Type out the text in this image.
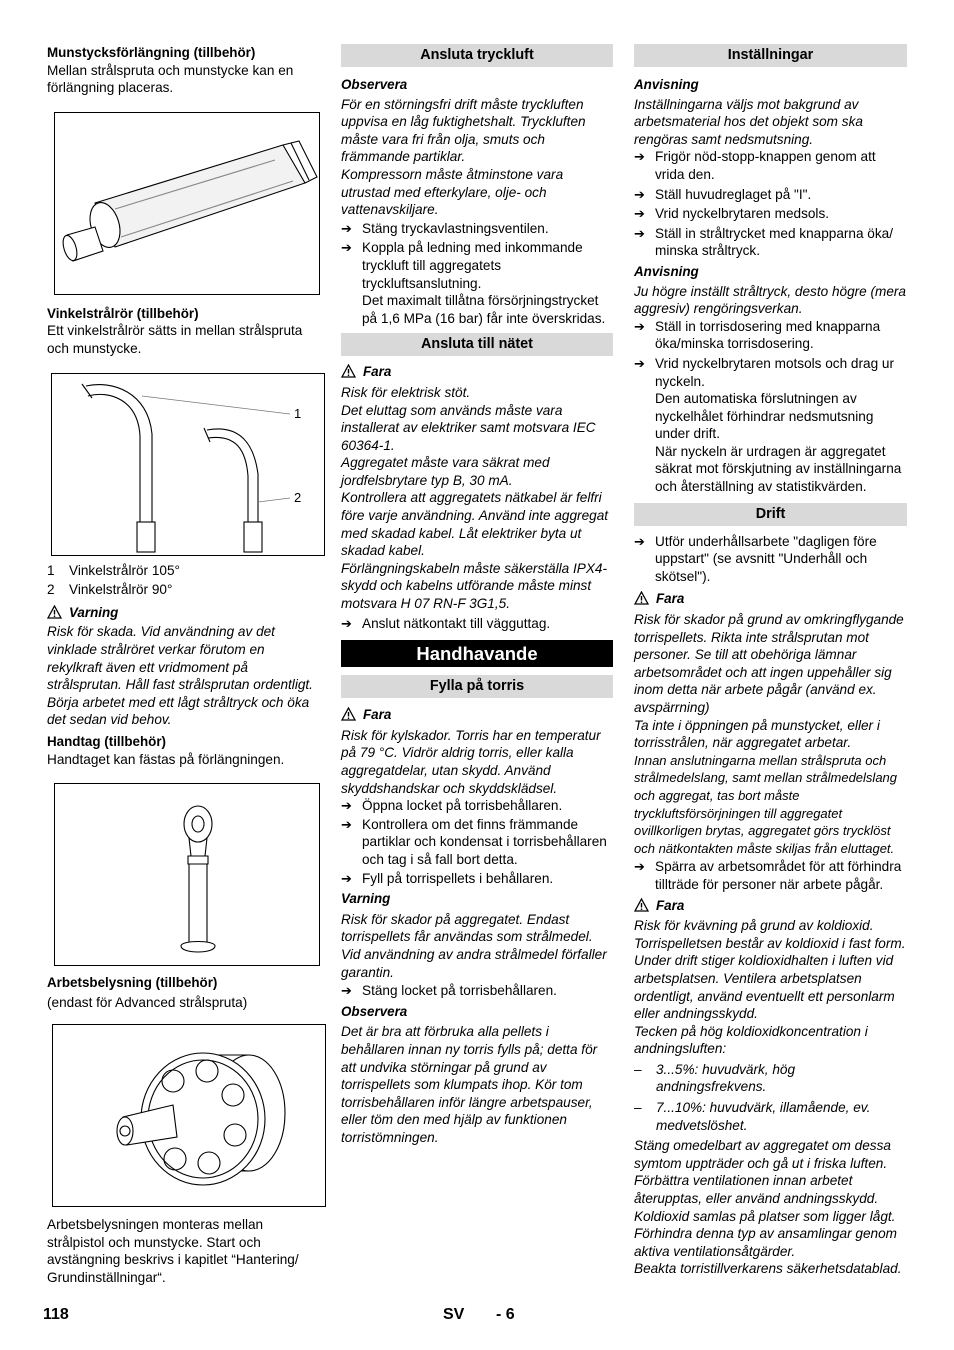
Munstycksförlängning (tillbehör)

Mellan strålspruta och munstycke kan en förlängning placeras.

Vinkelstrålrör (tillbehör)

Ett vinkelstrålrör sätts in mellan strålspruta och munstycke.

1
2

1 Vinkelstrålrör 105°

2 Vinkelstrålrör 90°

Varning

Risk för skada. Vid användning av det vinklade strålröret verkar förutom en rekylkraft även ett vridmoment på strålsprutan. Håll fast strålsprutan ordentligt.

Börja arbetet med ett lågt stråltryck och öka det sedan vid behov.

Handtag (tillbehör)

Handtaget kan fästas på förlängningen.

Arbetsbelysning (tillbehör)

(endast för Advanced strålspruta)

Arbetsbelysningen monteras mellan strålpistol och munstycke. Start och avstängning beskrivs i kapitlet “Hantering/ Grundinställningar“.

Ansluta tryckluft

Observera

För en störningsfri drift måste tryckluften uppvisa en låg fuktighetshalt. Tryckluften måste vara fri från olja, smuts och främmande partiklar.

Kompressorn måste åtminstone vara utrustad med efterkylare, olje- och vattenavskiljare.

➔ Stäng tryckavlastningsventilen.

➔ Koppla på ledning med inkommande tryckluft till aggregatets tryckluftsanslutning.

Det maximalt tillåtna försörjningstrycket på 1,6 MPa (16 bar) får inte överskridas.

Ansluta till nätet

Fara

Risk för elektrisk stöt.

Det eluttag som används måste vara installerat av elektriker samt motsvara IEC 60364-1.

Aggregatet måste vara säkrat med jordfelsbrytare typ B, 30 mA.

Kontrollera att aggregatets nätkabel är felfri före varje användning. Använd inte aggregat med skadad kabel. Låt elektriker byta ut skadad kabel.

Förlängningskabeln måste säkerställa IPX4-skydd och kabelns utförande måste minst motsvara H 07 RN-F 3G1,5.

➔ Anslut nätkontakt till vägguttag.

Handhavande
Fylla på torris

Fara

Risk för kylskador. Torris har en temperatur på 79 °C. Vidrör aldrig torris, eller kalla aggregatdelar, utan skydd. Använd skyddshandskar och skyddsklädsel.

➔ Öppna locket på torrisbehållaren.

➔ Kontrollera om det finns främmande partiklar och kondensat i torrisbehållaren och tag i så fall bort detta.

➔ Fyll på torrispellets i behållaren.

Varning

Risk för skador på aggregatet. Endast torrispellets får användas som strålmedel. Vid användning av andra strålmedel förfaller garantin.

➔ Stäng locket på torrisbehållaren.

Observera

Det är bra att förbruka alla pellets i behållaren innan ny torris fylls på; detta för att undvika störningar på grund av torrispellets som klumpats ihop. Kör tom torrisbehållaren inför längre arbetspauser, eller töm den med hjälp av funktionen torristömningen.

Inställningar

Anvisning

Inställningarna väljs mot bakgrund av arbetsmaterial hos det objekt som ska rengöras samt nedsmutsning.

➔ Frigör nöd-stopp-knappen genom att vrida den.

➔ Ställ huvudreglaget på "I".

➔ Vrid nyckelbrytaren medsols.

➔ Ställ in stråltrycket med knapparna öka/ minska stråltryck.

Anvisning

Ju högre inställt stråltryck, desto högre (mera aggresiv) rengöringsverkan.

➔ Ställ in torrisdosering med knapparna öka/minska torrisdosering.

➔ Vrid nyckelbrytaren motsols och drag ur nyckeln.

Den automatiska förslutningen av nyckelhålet förhindrar nedsmutsning under drift.

När nyckeln är urdragen är aggregatet säkrat mot förskjutning av inställningarna och återställning av statistikvärden.

Drift

➔ Utför underhållsarbete "dagligen före uppstart" (se avsnitt "Underhåll och skötsel").

Fara

Risk för skador på grund av omkringflygande torrispellets. Rikta inte strålsprutan mot personer. Se till att obehöriga lämnar arbetsområdet och att ingen uppehåller sig inom detta när arbete pågår (använd ex. avspärrning)

Ta inte i öppningen på munstycket, eller i torrisstrålen, när aggregatet arbetar.

Innan anslutningarna mellan strålspruta och strålmedelslang, samt mellan strålmedelslang och aggregat, tas bort måste tryckluftsförsörjningen till aggregatet ovillkorligen brytas, aggregatet görs trycklöst och nätkontakten måste skiljas från eluttaget.

➔ Spärra av arbetsområdet för att förhindra tillträde för personer när arbete pågår.

Fara

Risk för kvävning på grund av koldioxid. Torrispelletsen består av koldioxid i fast form. Under drift stiger koldioxidhalten i luften vid arbetsplatsen. Ventilera arbetsplatsen ordentligt, använd eventuellt ett personlarm eller andningsskydd.

Tecken på hög koldioxidkoncentration i andningsluften:

– 3...5%: huvudvärk, hög andningsfrekvens.

– 7...10%: huvudvärk, illamående, ev. medvetslöshet.

Stäng omedelbart av aggregatet om dessa symtom uppträder och gå ut i friska luften. Förbättra ventilationen innan arbetet återupptas, eller använd andningsskydd. Koldioxid samlas på platser som ligger lågt. Förhindra denna typ av ansamlingar genom aktiva ventilationsåtgärder.

Beakta torristillverkarens säkerhetsdatablad.

118	SV - 6
